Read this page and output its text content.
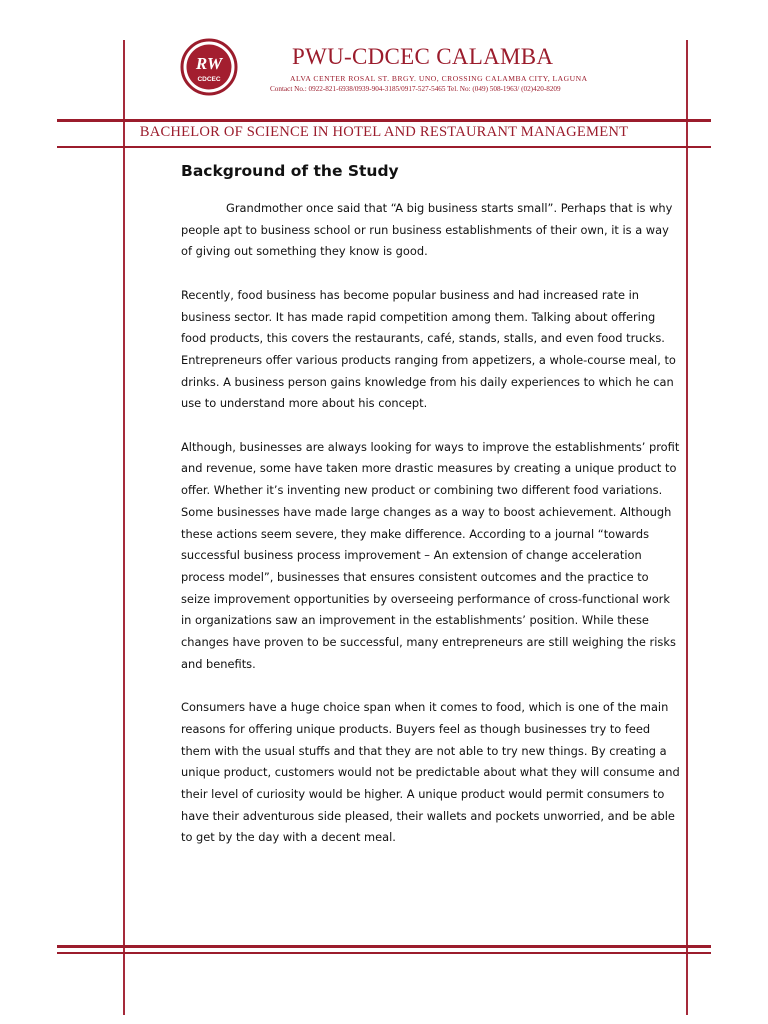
RW
CDCEC
PWU-CDCEC CALAMBA
ALVA CENTER ROSAL ST. BRGY. UNO, CROSSING CALAMBA CITY, LAGUNA
Contact No.: 0922-821-6938/0939-904-3185/0917-527-5465 Tel. No: (049) 508-1963/ (02)420-8209
BACHELOR OF SCIENCE IN HOTEL AND RESTAURANT MANAGEMENT
Background of the Study

Grandmother once said that “A big business starts small”. Perhaps that is why people apt to business school or run business establishments of their own, it is a way of giving out something they know is good.

Recently, food business has become popular business and had increased rate in business sector. It has made rapid competition among them. Talking about offering food products, this covers the restaurants, café, stands, stalls, and even food trucks. Entrepreneurs offer various products ranging from appetizers, a whole-course meal, to drinks. A business person gains knowledge from his daily experiences to which he can use to understand more about his concept.

Although, businesses are always looking for ways to improve the establishments’ profit and revenue, some have taken more drastic measures by creating a unique product to offer. Whether it’s inventing new product or combining two different food variations. Some businesses have made large changes as a way to boost achievement. Although these actions seem severe, they make difference. According to a journal “towards successful business process improvement – An extension of change acceleration process model”, businesses that ensures consistent outcomes and the practice to seize improvement opportunities by overseeing performance of cross-functional work in organizations saw an improvement in the establishments’ position. While these changes have proven to be successful, many entrepreneurs are still weighing the risks and benefits.

Consumers have a huge choice span when it comes to food, which is one of the main reasons for offering unique products. Buyers feel as though businesses try to feed them with the usual stuffs and that they are not able to try new things. By creating a unique product, customers would not be predictable about what they will consume and their level of curiosity would be higher. A unique product would permit consumers to have their adventurous side pleased, their wallets and pockets unworried, and be able to get by the day with a decent meal.
